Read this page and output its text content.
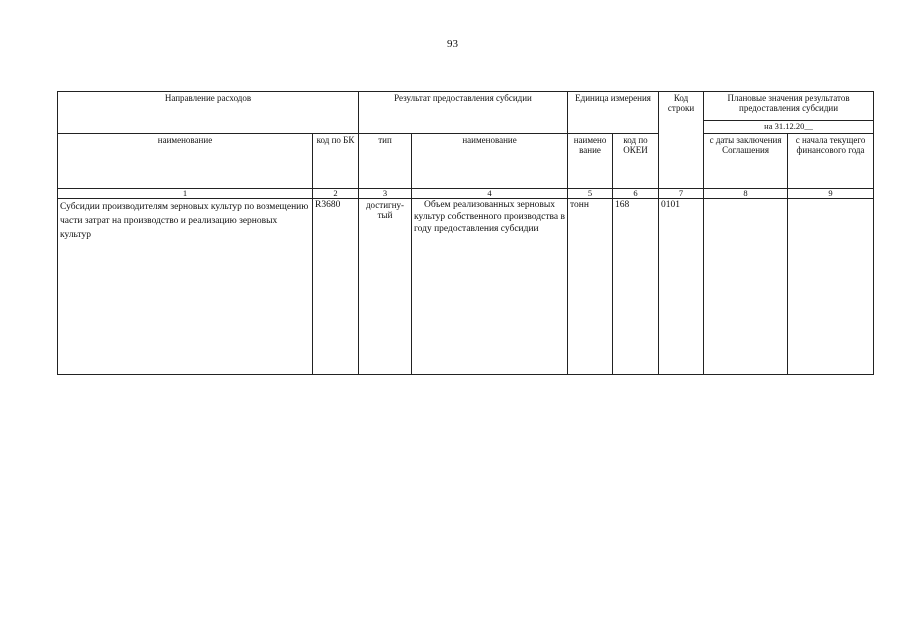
93
Направление расходов		Результат предоставления субсидии		Единица измерения		Код строки	Плановые значения результатов предоставления субсидии	
							на 31.12.20__	
наименование	код по БК	тип	наименование	наимено вание	код по ОКЕИ		с даты заключения Соглашения	с начала текущего финансового года
1	2	3	4	5	6	7	8	9
Субсидии производителям зерновых культур по возмещению части затрат на производство и реализацию зерновых культур	R3680	достигну-тый	Объем реализованных зерновых культур собственного производства в году предоставления субсидии	тонн	168	0101		
